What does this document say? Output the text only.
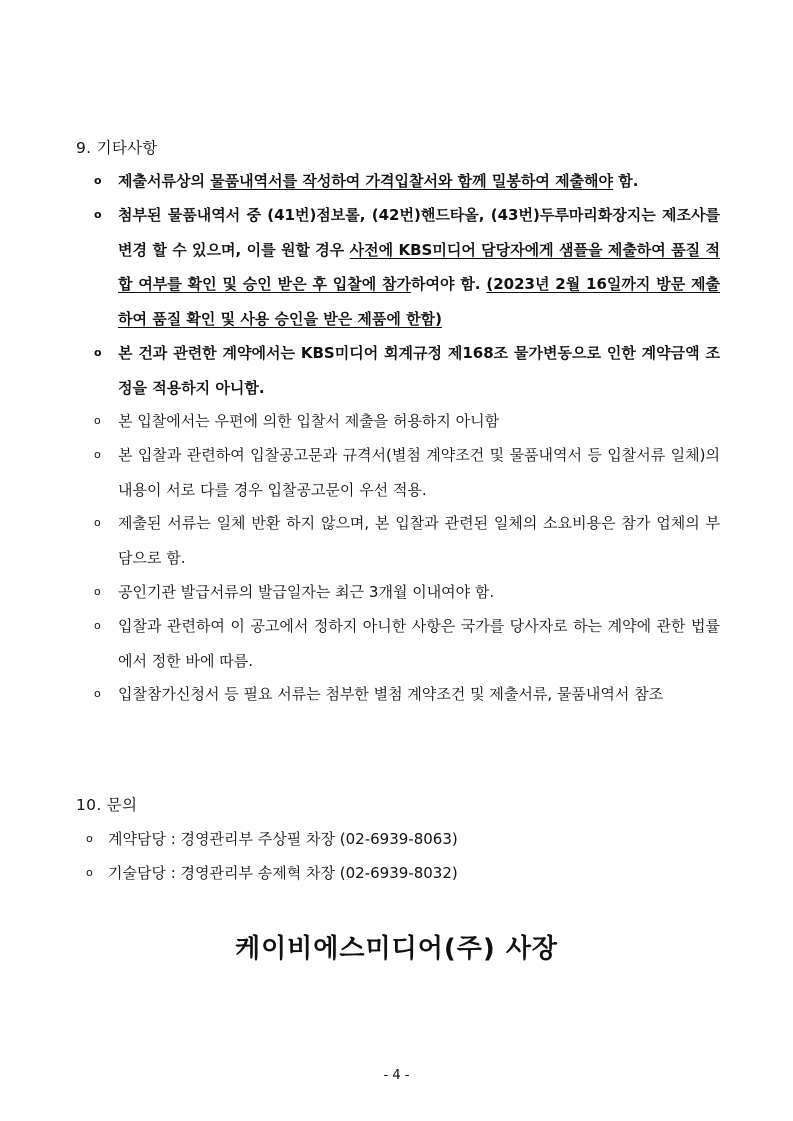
9. 기타사항
o	제출서류상의 물품내역서를 작성하여 가격입찰서와 함께 밀봉하여 제출해야 함.
o	첨부된 물품내역서 중 (41번)점보롤, (42번)핸드타올, (43번)두루마리화장지는 제조사를 변경 할 수 있으며, 이를 원할 경우 사전에 KBS미디어 담당자에게 샘플을 제출하여 품질 적합 여부를 확인 및 승인 받은 후 입찰에 참가하여야 함. (2023년 2월 16일까지 방문 제출하여 품질 확인 및 사용 승인을 받은 제품에 한함)
o	본 건과 관련한 계약에서는 KBS미디어 회계규정 제168조 물가변동으로 인한 계약금액 조정을 적용하지 아니함.
o	본 입찰에서는 우편에 의한 입찰서 제출을 허용하지 아니함
o	본 입찰과 관련하여 입찰공고문과 규격서(별첨 계약조건 및 물품내역서 등 입찰서류 일체)의 내용이 서로 다를 경우 입찰공고문이 우선 적용.
o	제출된 서류는 일체 반환 하지 않으며, 본 입찰과 관련된 일체의 소요비용은 참가 업체의 부담으로 함.
o	공인기관 발급서류의 발급일자는 최근 3개월 이내여야 함.
o	입찰과 관련하여 이 공고에서 정하지 아니한 사항은 국가를 당사자로 하는 계약에 관한 법률에서 정한 바에 따름.
o	입찰참가신청서 등 필요 서류는 첨부한 별첨 계약조건 및 제출서류, 물품내역서 참조
10. 문의
o 계약담당 : 경영관리부 주상필 차장 (02-6939-8063)
o 기술담당 : 경영관리부 송제혁 차장 (02-6939-8032)
케이비에스미디어(주) 사장
- 4 -
